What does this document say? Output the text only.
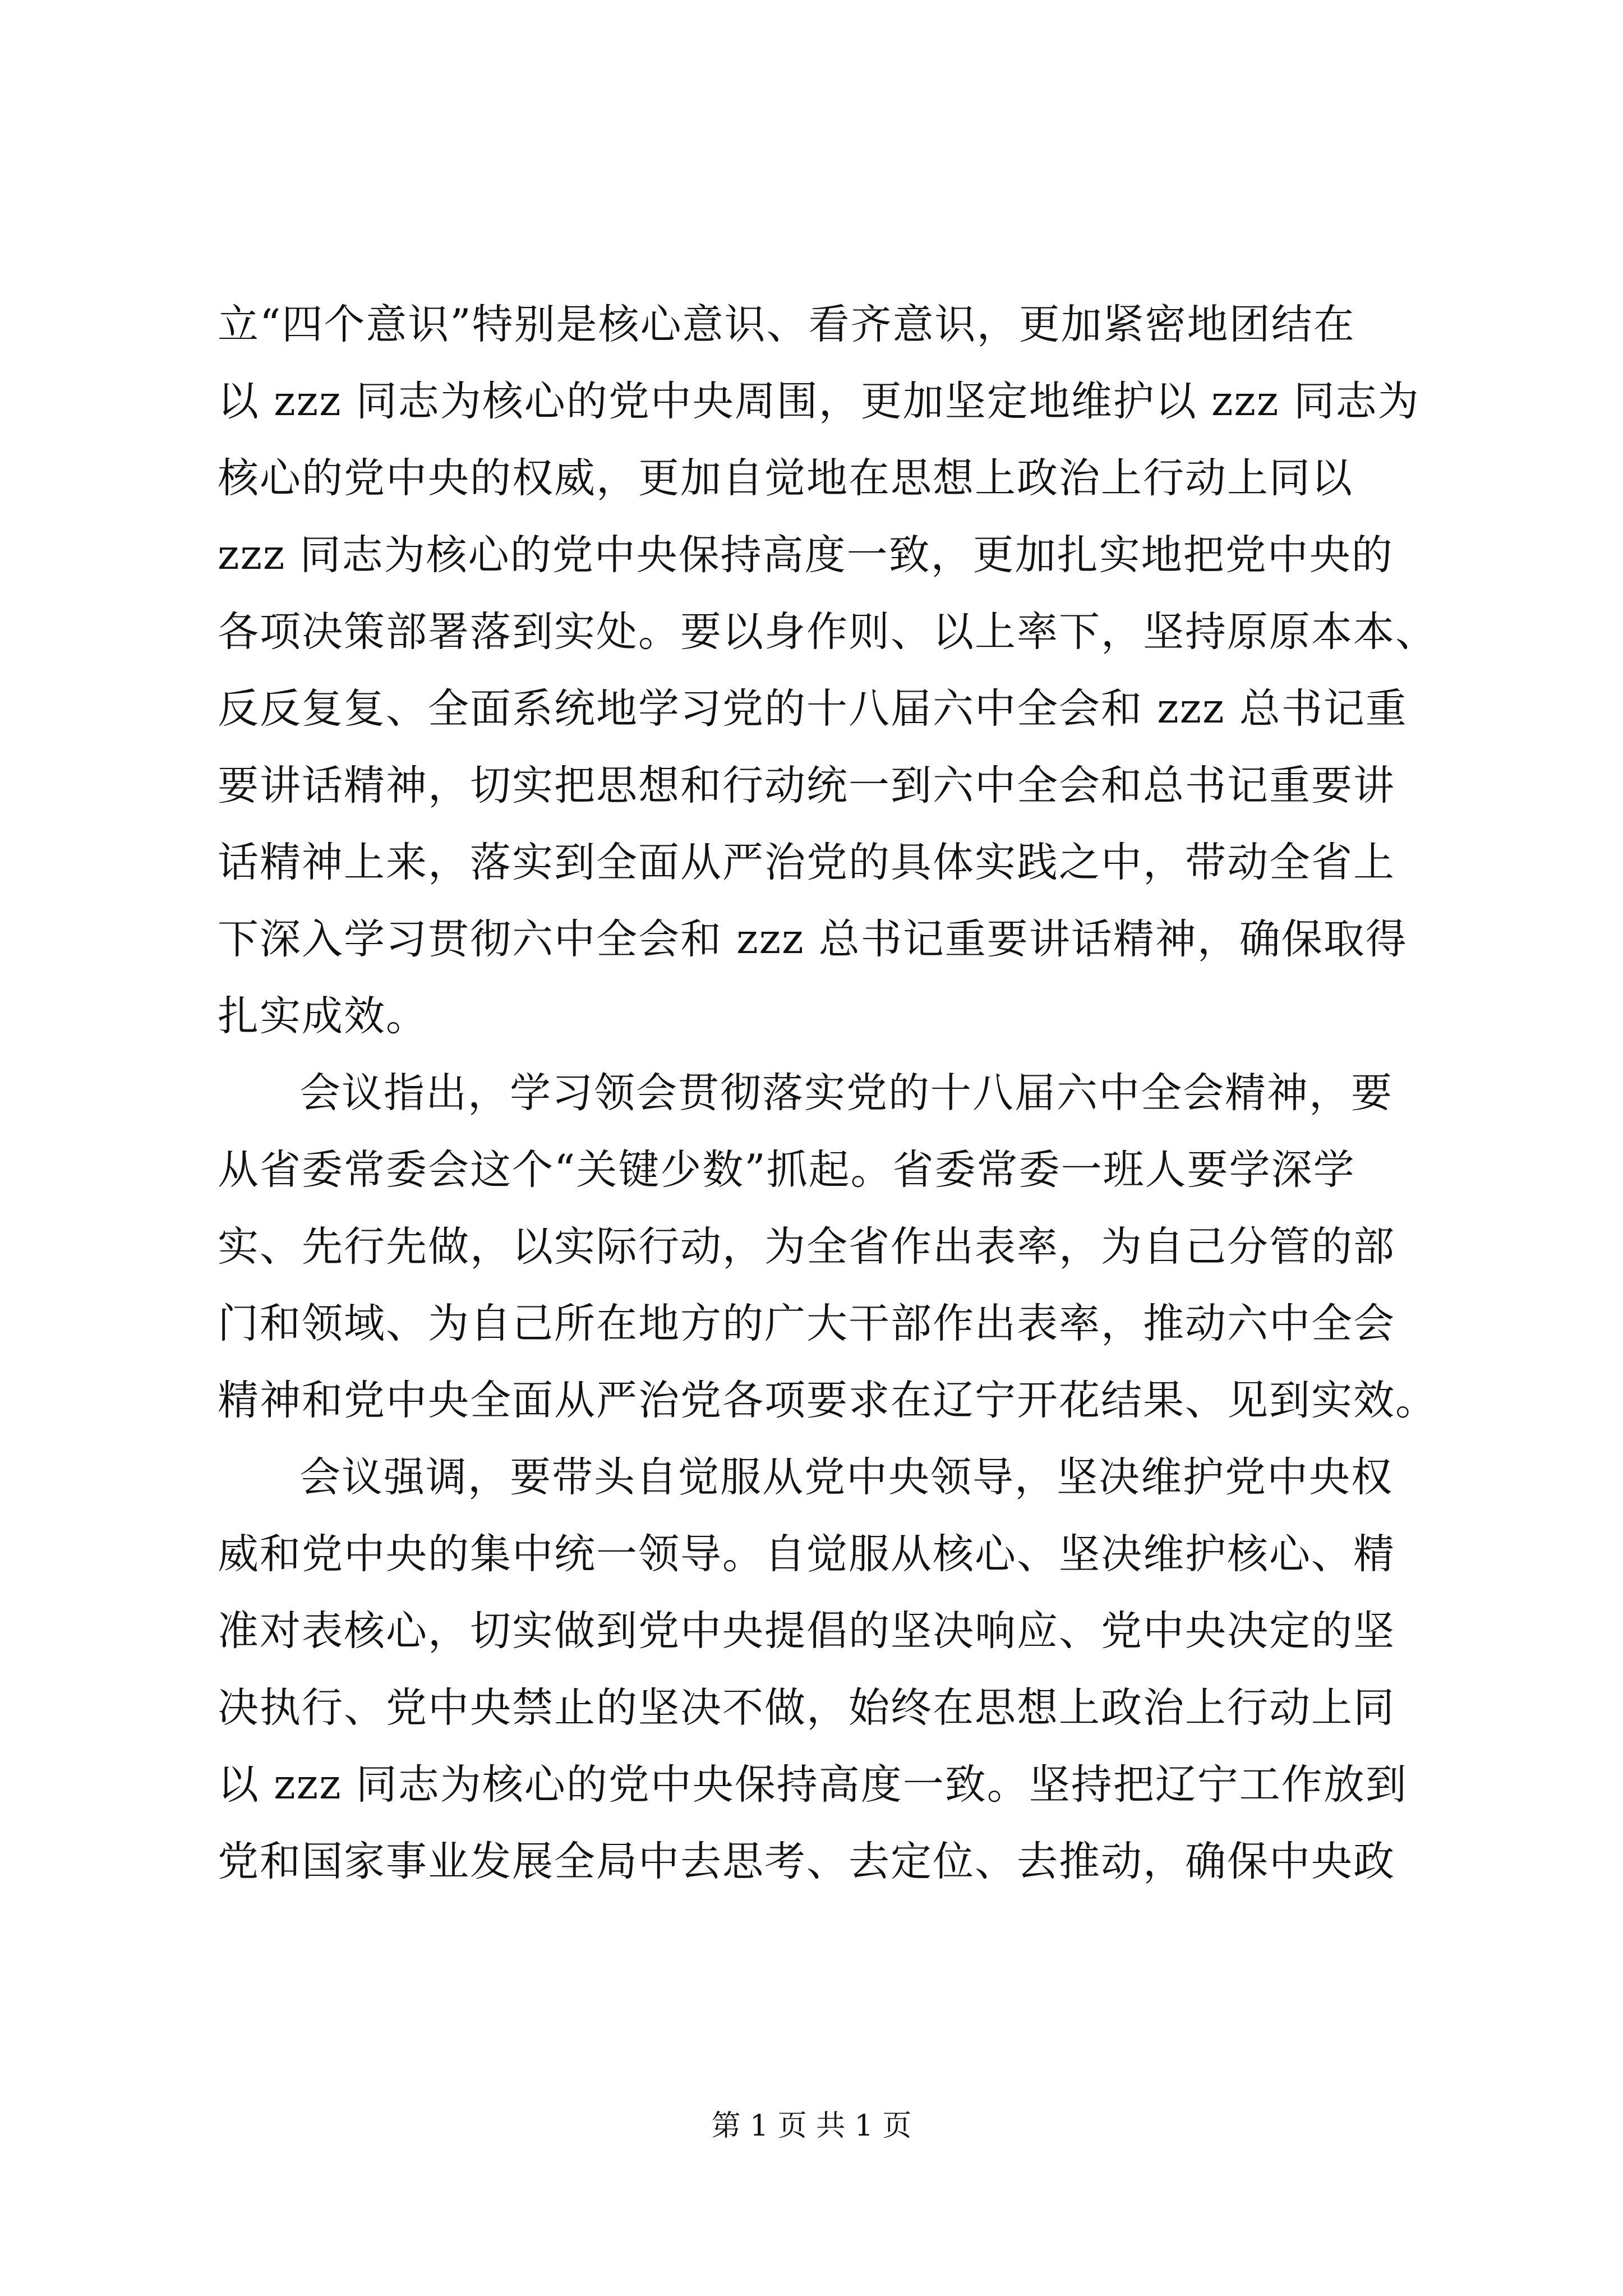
立“四个意识”特别是核心意识、看齐意识，更加紧密地团结在
以 zzz 同志为核心的党中央周围，更加坚定地维护以 zzz 同志为
核心的党中央的权威，更加自觉地在思想上政治上行动上同以
zzz 同志为核心的党中央保持高度一致，更加扎实地把党中央的
各项决策部署落到实处。要以身作则、以上率下，坚持原原本本、
反反复复、全面系统地学习党的十八届六中全会和 zzz 总书记重
要讲话精神，切实把思想和行动统一到六中全会和总书记重要讲
话精神上来，落实到全面从严治党的具体实践之中，带动全省上
下深入学习贯彻六中全会和 zzz 总书记重要讲话精神，确保取得
扎实成效。
会议指出，学习领会贯彻落实党的十八届六中全会精神，要
从省委常委会这个“关键少数”抓起。省委常委一班人要学深学
实、先行先做，以实际行动，为全省作出表率，为自己分管的部
门和领域、为自己所在地方的广大干部作出表率，推动六中全会
精神和党中央全面从严治党各项要求在辽宁开花结果、见到实效。
会议强调，要带头自觉服从党中央领导，坚决维护党中央权
威和党中央的集中统一领导。自觉服从核心、坚决维护核心、精
准对表核心，切实做到党中央提倡的坚决响应、党中央决定的坚
决执行、党中央禁止的坚决不做，始终在思想上政治上行动上同
以 zzz 同志为核心的党中央保持高度一致。坚持把辽宁工作放到
党和国家事业发展全局中去思考、去定位、去推动，确保中央政
第 1 页 共 1 页
